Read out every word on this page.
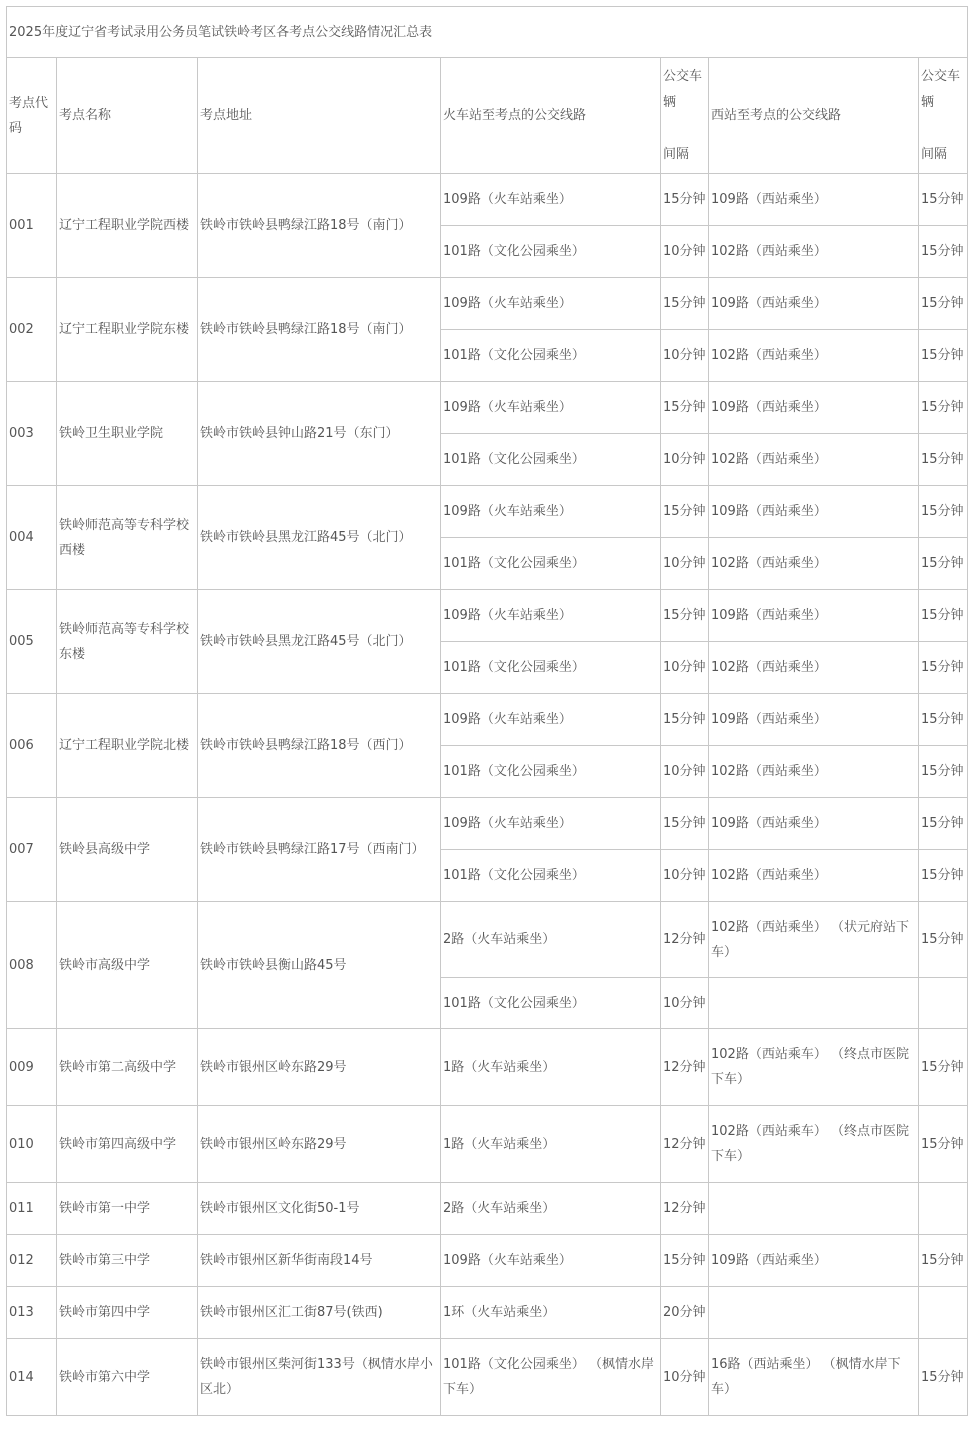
2025年度辽宁省考试录用公务员笔试铁岭考区各考点公交线路情况汇总表						
考点代码	考点名称	考点地址	火车站至考点的公交线路	公交车
辆

间隔	西站至考点的公交线路	公交车
辆

间隔
001	辽宁工程职业学院西楼	铁岭市铁岭县鸭绿江路18号（南门）	109路（火车站乘坐）	15分钟	109路（西站乘坐）	15分钟
			101路（文化公园乘坐）	10分钟	102路（西站乘坐）	15分钟
002	辽宁工程职业学院东楼	铁岭市铁岭县鸭绿江路18号（南门）	109路（火车站乘坐）	15分钟	109路（西站乘坐）	15分钟
			101路（文化公园乘坐）	10分钟	102路（西站乘坐）	15分钟
003	铁岭卫生职业学院	铁岭市铁岭县钟山路21号（东门）	109路（火车站乘坐）	15分钟	109路（西站乘坐）	15分钟
			101路（文化公园乘坐）	10分钟	102路（西站乘坐）	15分钟
004	铁岭师范高等专科学校西楼	铁岭市铁岭县黑龙江路45号（北门）	109路（火车站乘坐）	15分钟	109路（西站乘坐）	15分钟
			101路（文化公园乘坐）	10分钟	102路（西站乘坐）	15分钟
005	铁岭师范高等专科学校东楼	铁岭市铁岭县黑龙江路45号（北门）	109路（火车站乘坐）	15分钟	109路（西站乘坐）	15分钟
			101路（文化公园乘坐）	10分钟	102路（西站乘坐）	15分钟
006	辽宁工程职业学院北楼	铁岭市铁岭县鸭绿江路18号（西门）	109路（火车站乘坐）	15分钟	109路（西站乘坐）	15分钟
			101路（文化公园乘坐）	10分钟	102路（西站乘坐）	15分钟
007	铁岭县高级中学	铁岭市铁岭县鸭绿江路17号（西南门）	109路（火车站乘坐）	15分钟	109路（西站乘坐）	15分钟
			101路（文化公园乘坐）	10分钟	102路（西站乘坐）	15分钟
008	铁岭市高级中学	铁岭市铁岭县衡山路45号	2路（火车站乘坐）	12分钟	102路（西站乘坐） （状元府站下车）	15分钟
			101路（文化公园乘坐）	10分钟		
009	铁岭市第二高级中学	铁岭市银州区岭东路29号	1路（火车站乘坐）	12分钟	102路（西站乘车） （终点市医院下车）	15分钟
010	铁岭市第四高级中学	铁岭市银州区岭东路29号	1路（火车站乘坐）	12分钟	102路（西站乘车） （终点市医院下车）	15分钟
011	铁岭市第一中学	铁岭市银州区文化街50-1号	2路（火车站乘坐）	12分钟		
012	铁岭市第三中学	铁岭市银州区新华街南段14号	109路（火车站乘坐）	15分钟	109路（西站乘坐）	15分钟
013	铁岭市第四中学	铁岭市银州区汇工街87号(铁西)	1环（火车站乘坐）	20分钟		
014	铁岭市第六中学	铁岭市银州区柴河街133号（枫情水岸小区北）	101路（文化公园乘坐） （枫情水岸下车）	10分钟	16路（西站乘坐） （枫情水岸下车）	15分钟
